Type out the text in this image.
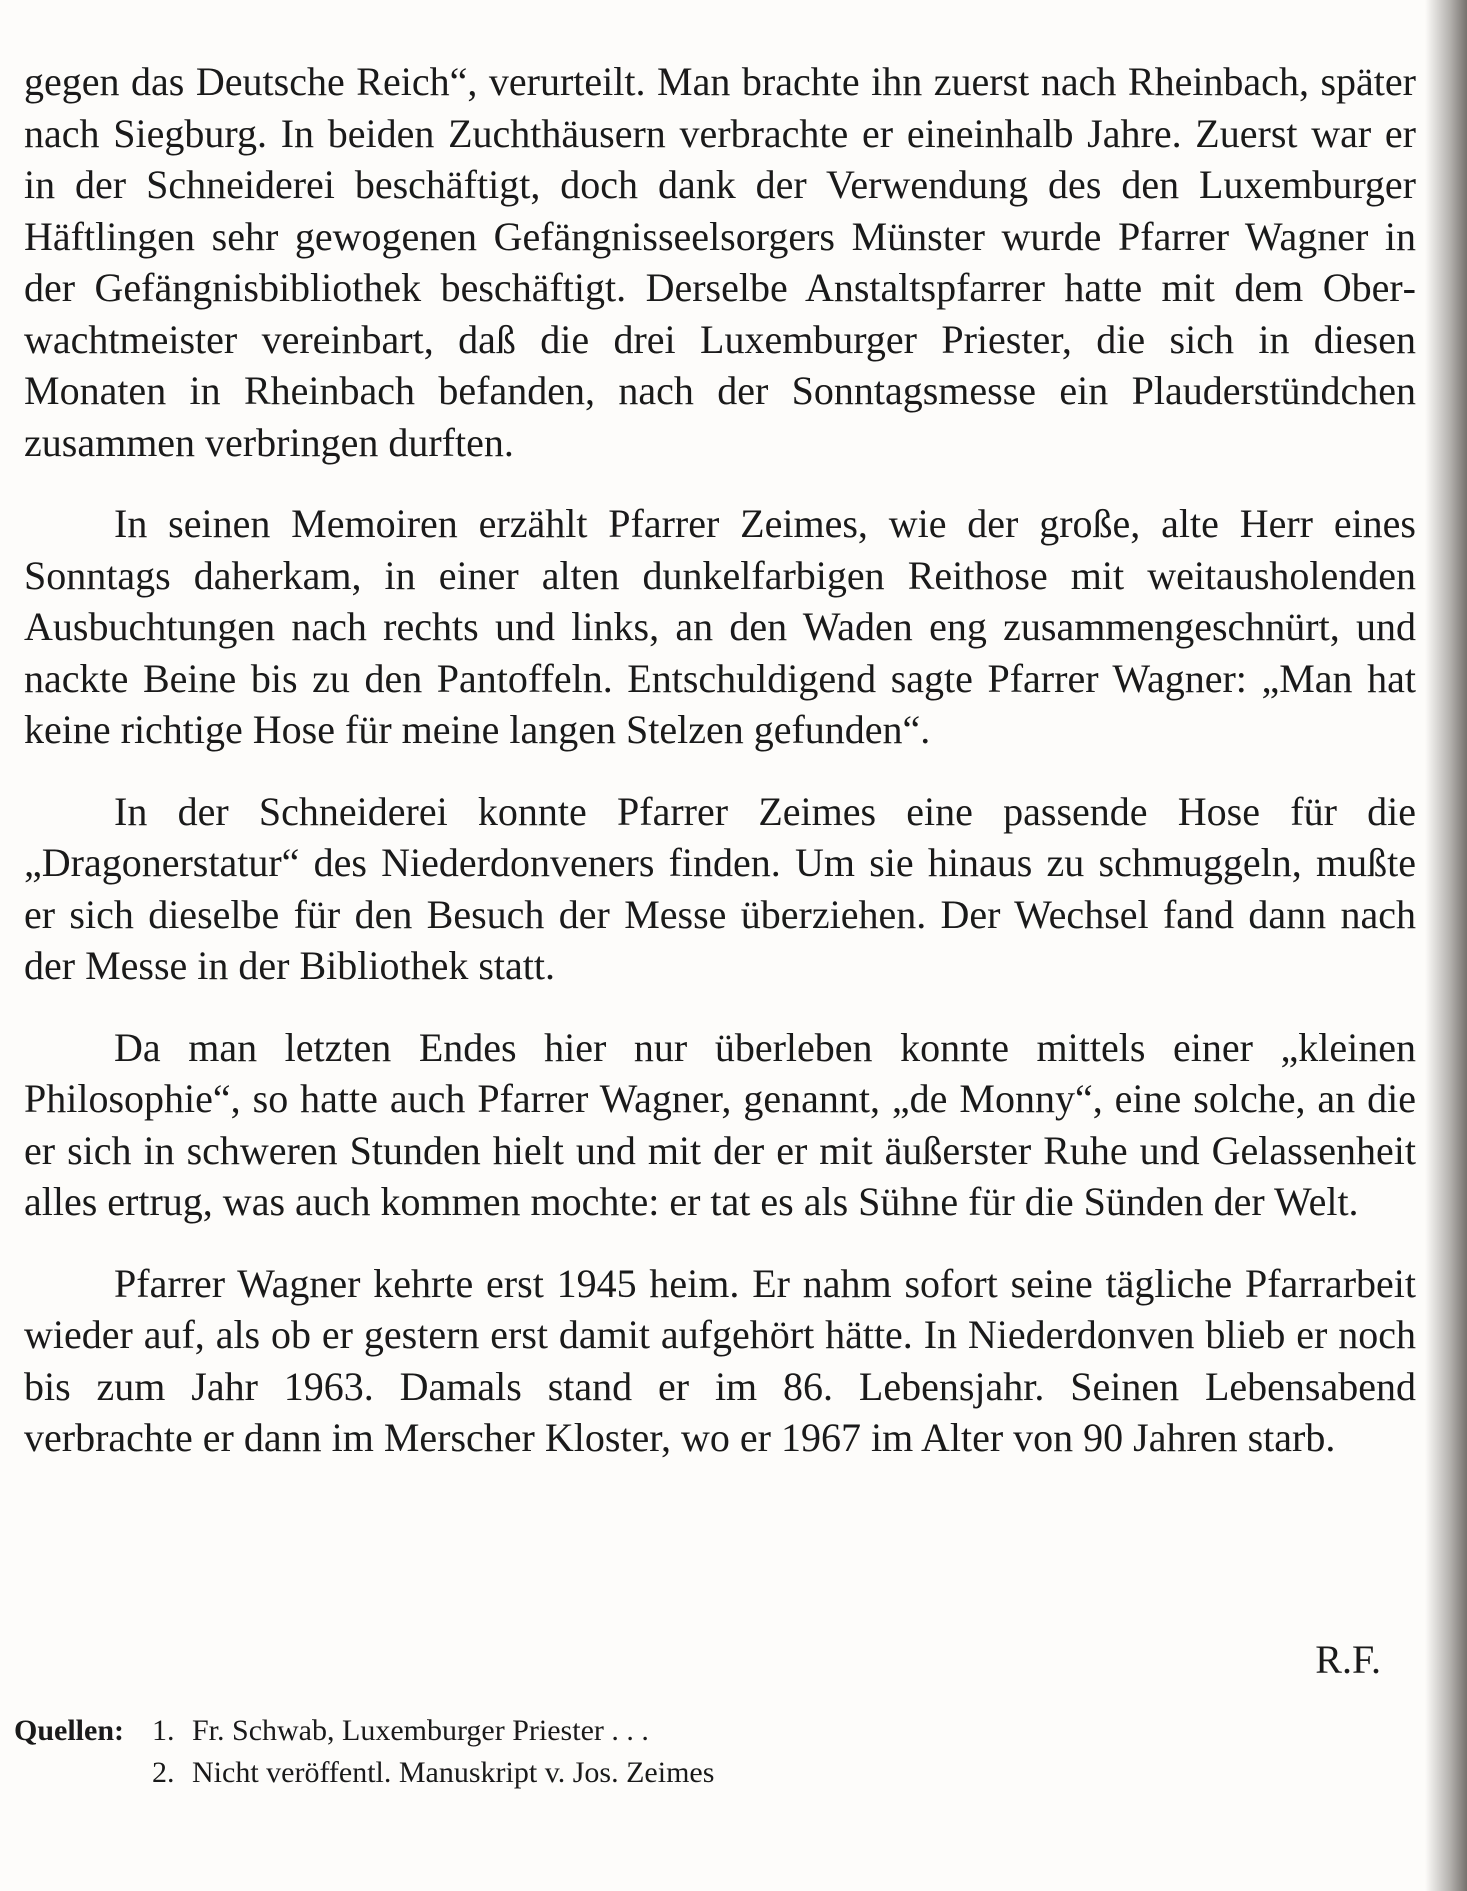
gegen das Deutsche Reich“, verurteilt. Man brachte ihn zuerst nach Rheinbach, später nach Siegburg. In beiden Zuchthäusern verbrachte er eineinhalb Jahre. Zuerst war er in der Schneiderei beschäftigt, doch dank der Verwendung des den Luxemburger Häftlingen sehr gewogenen Gefängnisseelsorgers Münster wurde Pfarrer Wagner in der Gefängnisbibliothek beschäftigt. Derselbe Anstaltspfarrer hatte mit dem Oberwachtmeister vereinbart, daß die drei Luxemburger Priester, die sich in diesen Monaten in Rheinbach befanden, nach der Sonntagsmesse ein Plauderstündchen zusammen verbringen durften.

In seinen Memoiren erzählt Pfarrer Zeimes, wie der große, alte Herr eines Sonntags daherkam, in einer alten dunkelfarbigen Reithose mit weitausholenden Ausbuchtungen nach rechts und links, an den Waden eng zusammengeschnürt, und nackte Beine bis zu den Pantoffeln. Entschuldigend sagte Pfarrer Wagner: „Man hat keine richtige Hose für meine langen Stelzen gefunden“.

In der Schneiderei konnte Pfarrer Zeimes eine passende Hose für die „Dragonerstatur“ des Niederdonveners finden. Um sie hinaus zu schmuggeln, mußte er sich dieselbe für den Besuch der Messe überziehen. Der Wechsel fand dann nach der Messe in der Bibliothek statt.

Da man letzten Endes hier nur überleben konnte mittels einer „kleinen Philosophie“, so hatte auch Pfarrer Wagner, genannt, „de Monny“, eine solche, an die er sich in schweren Stunden hielt und mit der er mit äußerster Ruhe und Gelassenheit alles ertrug, was auch kommen mochte: er tat es als Sühne für die Sünden der Welt.

Pfarrer Wagner kehrte erst 1945 heim. Er nahm sofort seine tägliche Pfarrarbeit wieder auf, als ob er gestern erst damit aufgehört hätte. In Niederdonven blieb er noch bis zum Jahr 1963. Damals stand er im 86. Lebensjahr. Seinen Lebensabend verbrachte er dann im Merscher Kloster, wo er 1967 im Alter von 90 Jahren starb.

R.F.
Quellen: 1. Fr. Schwab, Luxemburger Priester . . .
2. Nicht veröffentl. Manuskript v. Jos. Zeimes
